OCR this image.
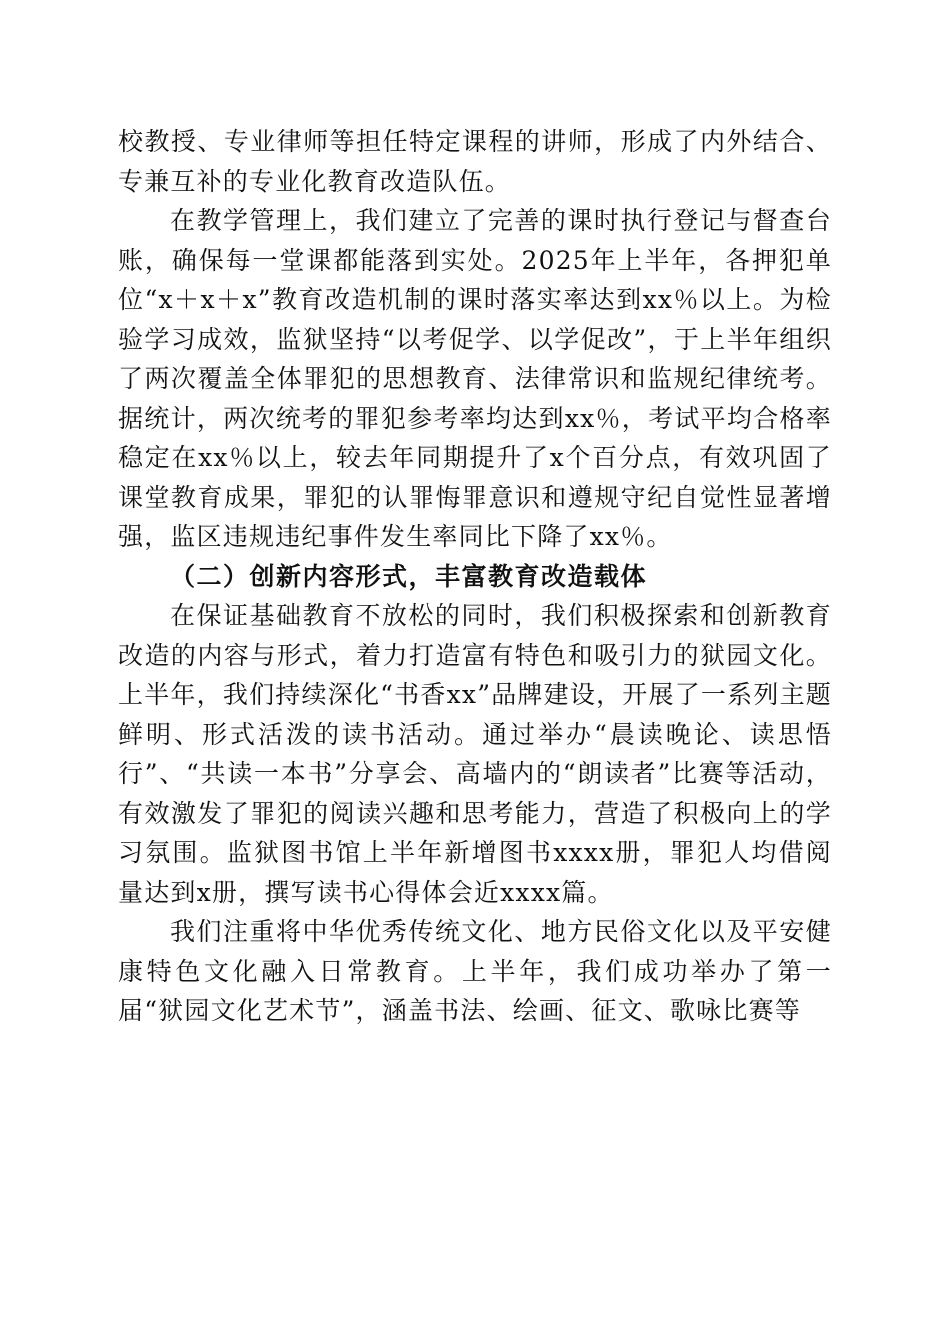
校教授、专业律师等担任特定课程的讲师，形成了内外结合、专兼互补的专业化教育改造队伍。

在教学管理上，我们建立了完善的课时执行登记与督查台账，确保每一堂课都能落到实处。2025年上半年，各押犯单位“x＋x＋x”教育改造机制的课时落实率达到xx％以上。为检验学习成效，监狱坚持“以考促学、以学促改”，于上半年组织了两次覆盖全体罪犯的思想教育、法律常识和监规纪律统考。据统计，两次统考的罪犯参考率均达到xx％，考试平均合格率稳定在xx％以上，较去年同期提升了x个百分点，有效巩固了课堂教育成果，罪犯的认罪悔罪意识和遵规守纪自觉性显著增强，监区违规违纪事件发生率同比下降了xx％。

（二）创新内容形式，丰富教育改造载体

在保证基础教育不放松的同时，我们积极探索和创新教育改造的内容与形式，着力打造富有特色和吸引力的狱园文化。上半年，我们持续深化“书香xx”品牌建设，开展了一系列主题鲜明、形式活泼的读书活动。通过举办“晨读晚论、读思悟行”、“共读一本书”分享会、高墙内的“朗读者”比赛等活动，有效激发了罪犯的阅读兴趣和思考能力，营造了积极向上的学习氛围。监狱图书馆上半年新增图书xxxx册，罪犯人均借阅量达到x册，撰写读书心得体会近xxxx篇。

我们注重将中华优秀传统文化、地方民俗文化以及平安健康特色文化融入日常教育。上半年，我们成功举办了第一届“狱园文化艺术节”，涵盖书法、绘画、征文、歌咏比赛等
